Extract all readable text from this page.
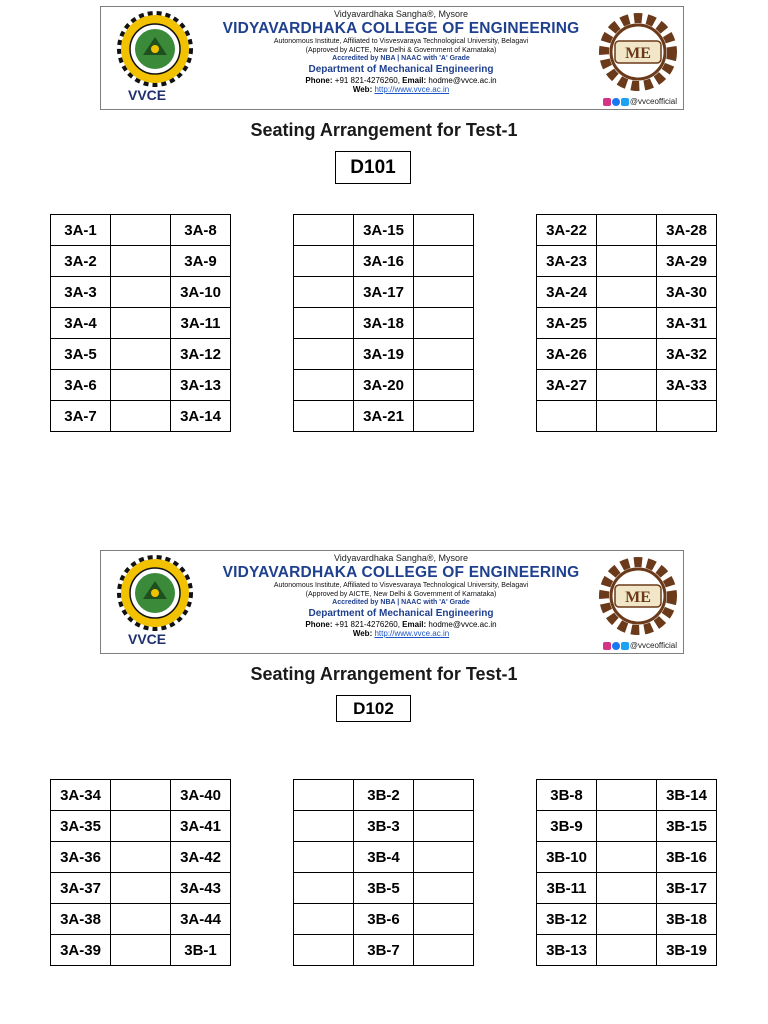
VVCE
Vidyavardhaka Sangha®, Mysore
VIDYAVARDHAKA COLLEGE OF ENGINEERING
Autonomous Institute, Affiliated to Visvesvaraya Technological University, Belagavi
(Approved by AICTE, New Delhi & Government of Karnataka)
Accredited by NBA | NAAC with 'A' Grade
Department of Mechanical Engineering
Phone: +91 821-4276260, Email: hodme@vvce.ac.in
Web: http://www.vvce.ac.in
ME
@vvceofficial
Seating Arrangement for Test-1
D101
3A-1		3A-8
3A-2		3A-9
3A-3		3A-10
3A-4		3A-11
3A-5		3A-12
3A-6		3A-13
3A-7		3A-14
	3A-15	
	3A-16	
	3A-17	
	3A-18	
	3A-19	
	3A-20	
	3A-21	
3A-22		3A-28
3A-23		3A-29
3A-24		3A-30
3A-25		3A-31
3A-26		3A-32
3A-27		3A-33

VVCE
Vidyavardhaka Sangha®, Mysore
VIDYAVARDHAKA COLLEGE OF ENGINEERING
Autonomous Institute, Affiliated to Visvesvaraya Technological University, Belagavi
(Approved by AICTE, New Delhi & Government of Karnataka)
Accredited by NBA | NAAC with 'A' Grade
Department of Mechanical Engineering
Phone: +91 821-4276260, Email: hodme@vvce.ac.in
Web: http://www.vvce.ac.in
ME
@vvceofficial
Seating Arrangement for Test-1
D102
3A-34		3A-40
3A-35		3A-41
3A-36		3A-42
3A-37		3A-43
3A-38		3A-44
3A-39		3B-1
	3B-2	
	3B-3	
	3B-4	
	3B-5	
	3B-6	
	3B-7	
3B-8		3B-14
3B-9		3B-15
3B-10		3B-16
3B-11		3B-17
3B-12		3B-18
3B-13		3B-19
